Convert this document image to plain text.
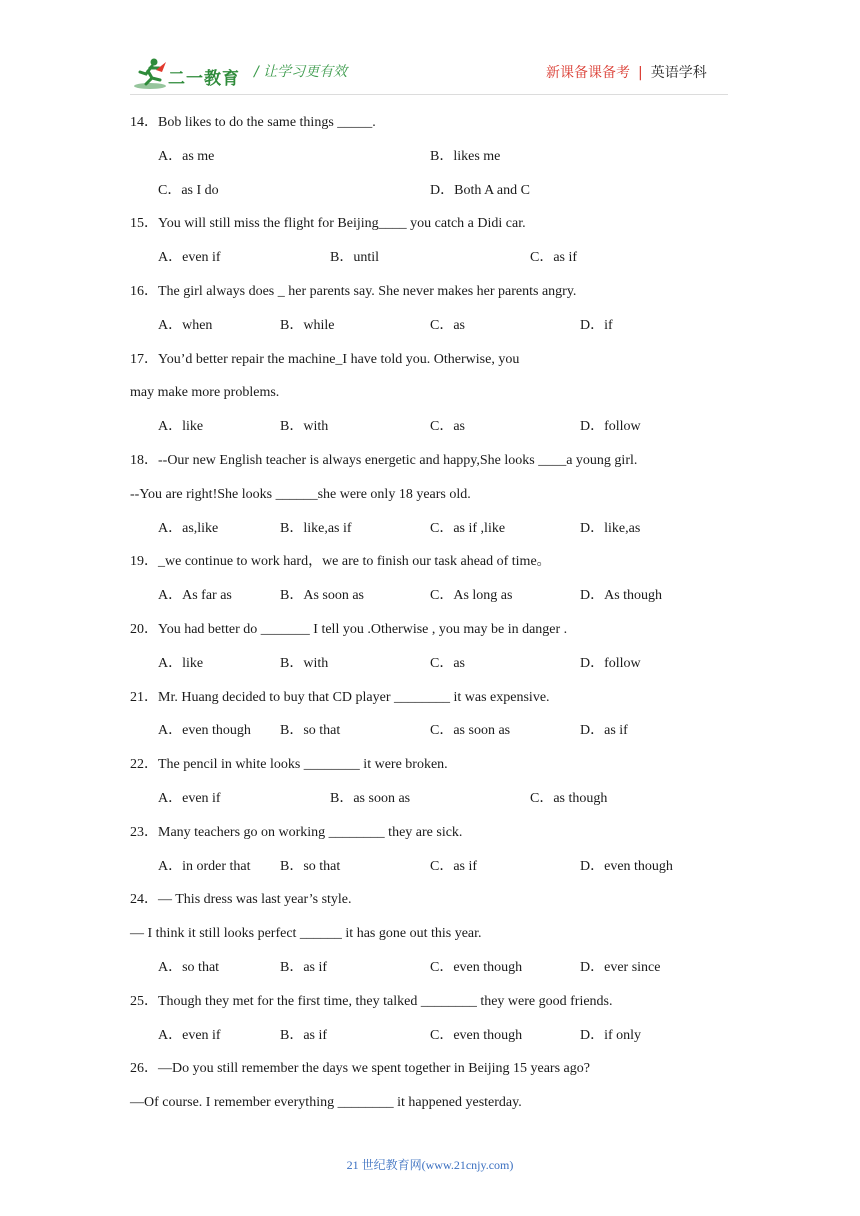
二一教育 / 让学习更有效	新课备课备考 | 英语学科
14．Bob likes to do the same things _____.
A．as me	B．likes me
C．as I do	D．Both A and C
15．You will still miss the flight for Beijing____ you catch a Didi car.
A．even if	B．until	C．as if
16．The girl always does _ her parents say. She never makes her parents angry.
A．when	B．while	C．as	D．if
17．You’d better repair the machine_I have told you. Otherwise, you
may make more problems.
A．like	B．with	C．as	D．follow
18．--Our new English teacher is always energetic and happy,She looks ____a young girl.
--You are right!She looks ______she were only 18 years old.
A．as,like	B．like,as if	C．as if ,like	D．like,as
19．_we continue to work hard，we are to finish our task ahead of time。
A．As far as	B．As soon as	C．As long as	D．As though
20．You had better do _______ I tell you .Otherwise , you may be in danger .
A．like	B．with	C．as	D．follow
21．Mr. Huang decided to buy that CD player ________ it was expensive.
A．even though B．so that	C．as soon as	D．as if
22．The pencil in white looks ________ it were broken.
A．even if	B．as soon as	C．as though
23．Many teachers go on working ________ they are sick.
A．in order that B．so that	C．as if	D．even though
24．— This dress was last year’s style.
— I think it still looks perfect ______ it has gone out this year.
A．so that	B．as if	C．even though	D．ever since
25．Though they met for the first time, they talked ________ they were good friends.
A．even if	B．as if	C．even though	D．if only
26．—Do you still remember the days we spent together in Beijing 15 years ago?
—Of course. I remember everything ________ it happened yesterday.
21 世纪教育网(www.21cnjy.com)
